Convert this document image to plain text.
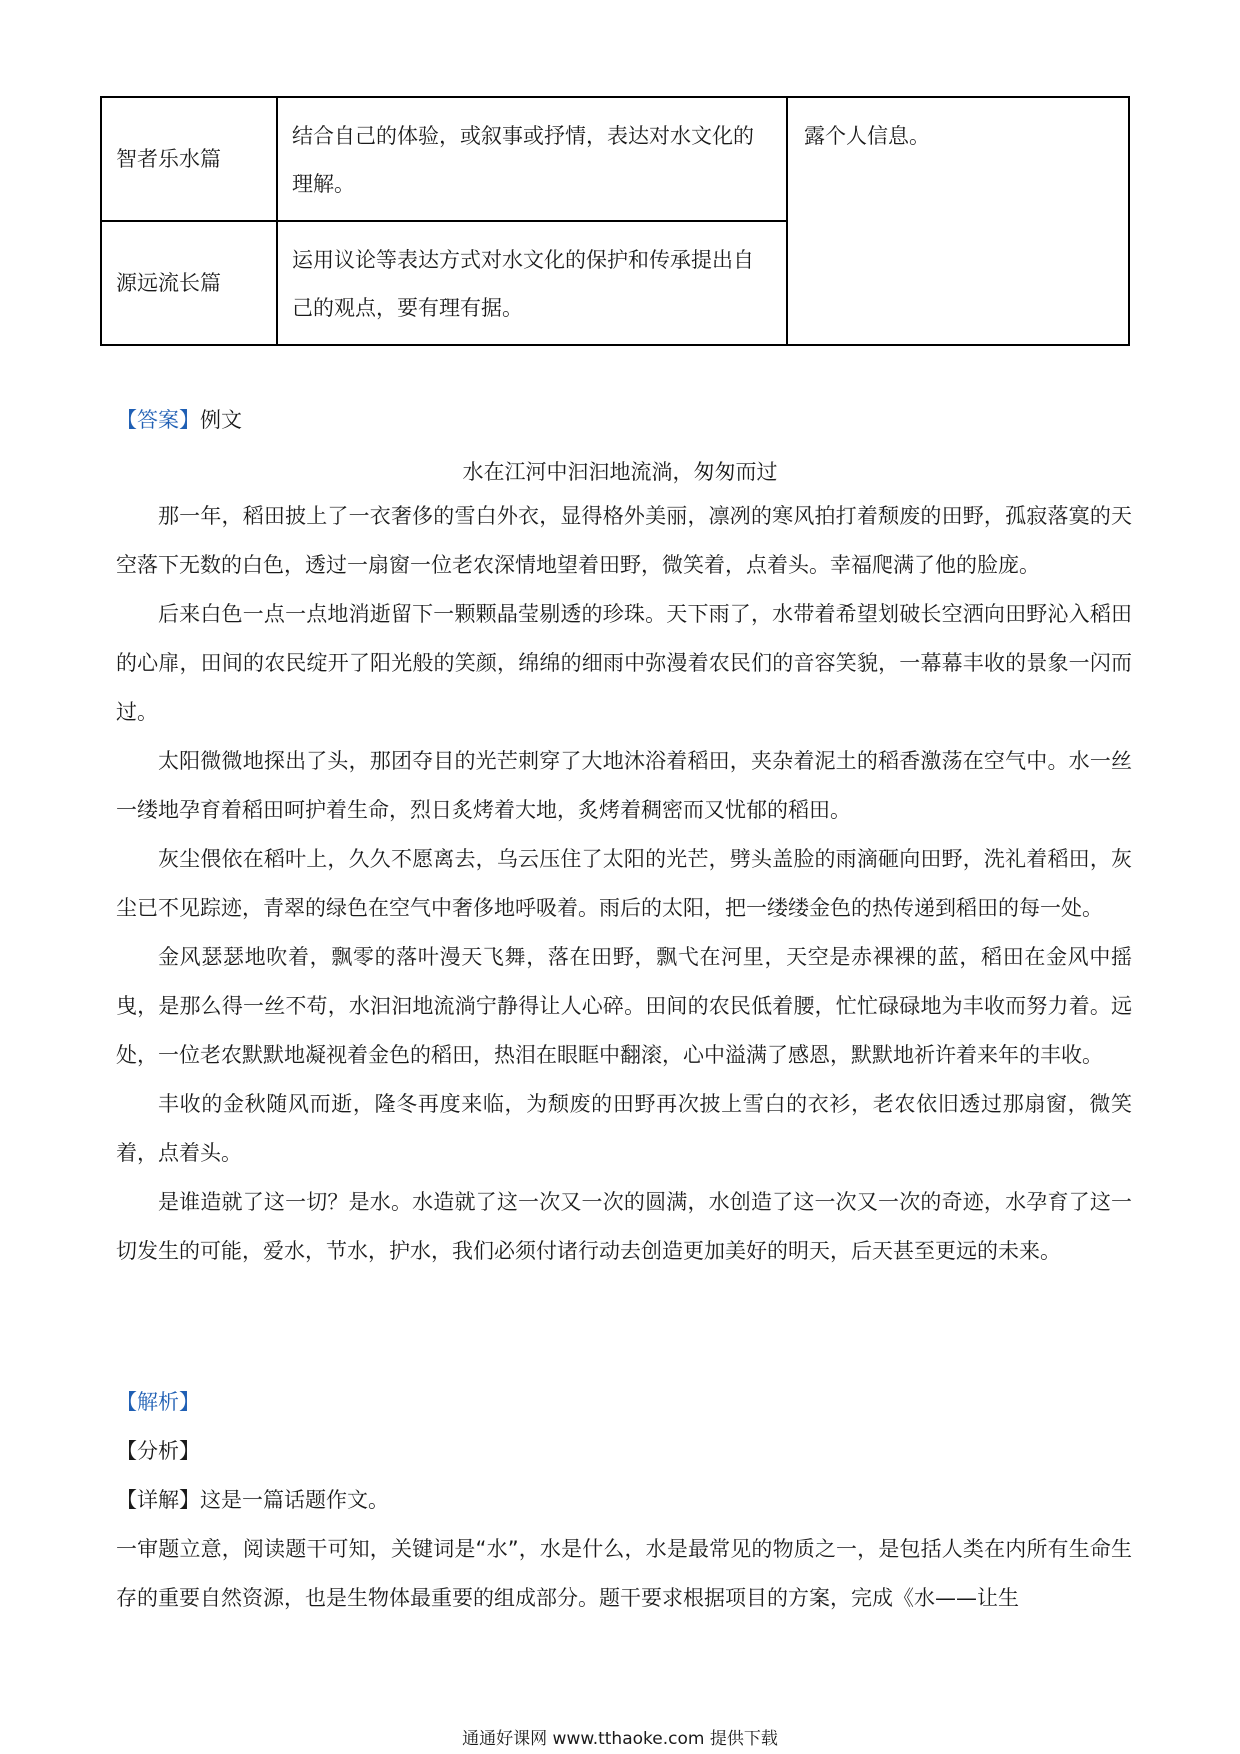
智者乐水篇	结合自己的体验，或叙事或抒情，表达对水文化的理解。	露个人信息。
源远流长篇	运用议论等表达方式对水文化的保护和传承提出自己的观点，要有理有据。	
【答案】例文
水在江河中汩汩地流淌，匆匆而过

那一年，稻田披上了一衣奢侈的雪白外衣，显得格外美丽，凛冽的寒风拍打着颓废的田野，孤寂落寞的天空落下无数的白色，透过一扇窗一位老农深情地望着田野，微笑着，点着头。幸福爬满了他的脸庞。

后来白色一点一点地消逝留下一颗颗晶莹剔透的珍珠。天下雨了，水带着希望划破长空洒向田野沁入稻田的心扉，田间的农民绽开了阳光般的笑颜，绵绵的细雨中弥漫着农民们的音容笑貌，一幕幕丰收的景象一闪而过。

太阳微微地探出了头，那团夺目的光芒刺穿了大地沐浴着稻田，夹杂着泥土的稻香激荡在空气中。水一丝一缕地孕育着稻田呵护着生命，烈日炙烤着大地，炙烤着稠密而又忧郁的稻田。

灰尘偎依在稻叶上，久久不愿离去，乌云压住了太阳的光芒，劈头盖脸的雨滴砸向田野，洗礼着稻田，灰尘已不见踪迹，青翠的绿色在空气中奢侈地呼吸着。雨后的太阳，把一缕缕金色的热传递到稻田的每一处。

金风瑟瑟地吹着，飘零的落叶漫天飞舞，落在田野，飘弋在河里，天空是赤裸裸的蓝，稻田在金风中摇曳，是那么得一丝不苟，水汩汩地流淌宁静得让人心碎。田间的农民低着腰，忙忙碌碌地为丰收而努力着。远处，一位老农默默地凝视着金色的稻田，热泪在眼眶中翻滚，心中溢满了感恩，默默地祈许着来年的丰收。

丰收的金秋随风而逝，隆冬再度来临，为颓废的田野再次披上雪白的衣衫，老农依旧透过那扇窗，微笑着，点着头。

是谁造就了这一切？是水。水造就了这一次又一次的圆满，水创造了这一次又一次的奇迹，水孕育了这一切发生的可能，爱水，节水，护水，我们必须付诸行动去创造更加美好的明天，后天甚至更远的未来。

【解析】

【分析】

【详解】这是一篇话题作文。

一审题立意，阅读题干可知，关键词是“水”，水是什么，水是最常见的物质之一，是包括人类在内所有生命生存的重要自然资源，也是生物体最重要的组成部分。题干要求根据项目的方案，完成《水——让生

通通好课网 www.tthaoke.com 提供下载
